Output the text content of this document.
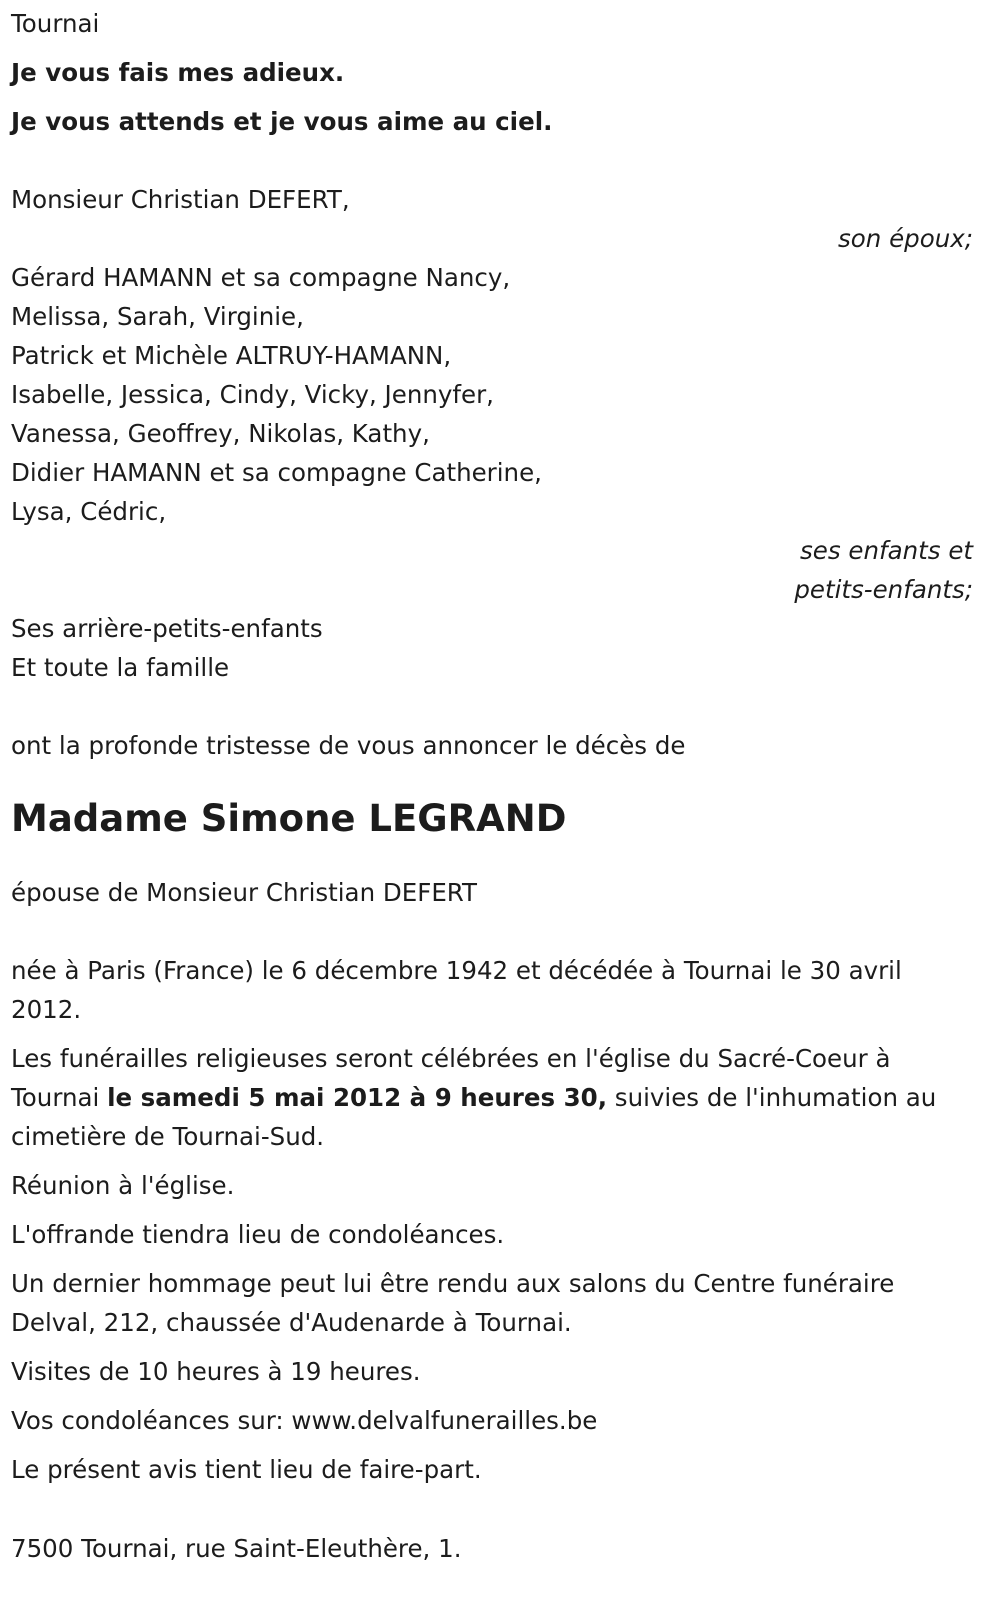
Tournai
Je vous fais mes adieux.
Je vous attends et je vous aime au ciel.
Monsieur Christian DEFERT,
son époux;
Gérard HAMANN et sa compagne Nancy,
Melissa, Sarah, Virginie,
Patrick et Michèle ALTRUY-HAMANN,
Isabelle, Jessica, Cindy, Vicky, Jennyfer,
Vanessa, Geoffrey, Nikolas, Kathy,
Didier HAMANN et sa compagne Catherine,
Lysa, Cédric,
ses enfants et
petits-enfants;
Ses arrière-petits-enfants
Et toute la famille
ont la profonde tristesse de vous annoncer le décès de
Madame Simone LEGRAND
épouse de Monsieur Christian DEFERT
née à Paris (France) le 6 décembre 1942 et décédée à Tournai le 30 avril 2012.
Les funérailles religieuses seront célébrées en l'église du Sacré-Coeur à Tournai le samedi 5 mai 2012 à 9 heures 30, suivies de l'inhumation au cimetière de Tournai-Sud.
Réunion à l'église.
L'offrande tiendra lieu de condoléances.
Un dernier hommage peut lui être rendu aux salons du Centre funéraire Delval, 212, chaussée d'Audenarde à Tournai.
Visites de 10 heures à 19 heures.
Vos condoléances sur: www.delvalfunerailles.be
Le présent avis tient lieu de faire-part.
7500 Tournai, rue Saint-Eleuthère, 1.
